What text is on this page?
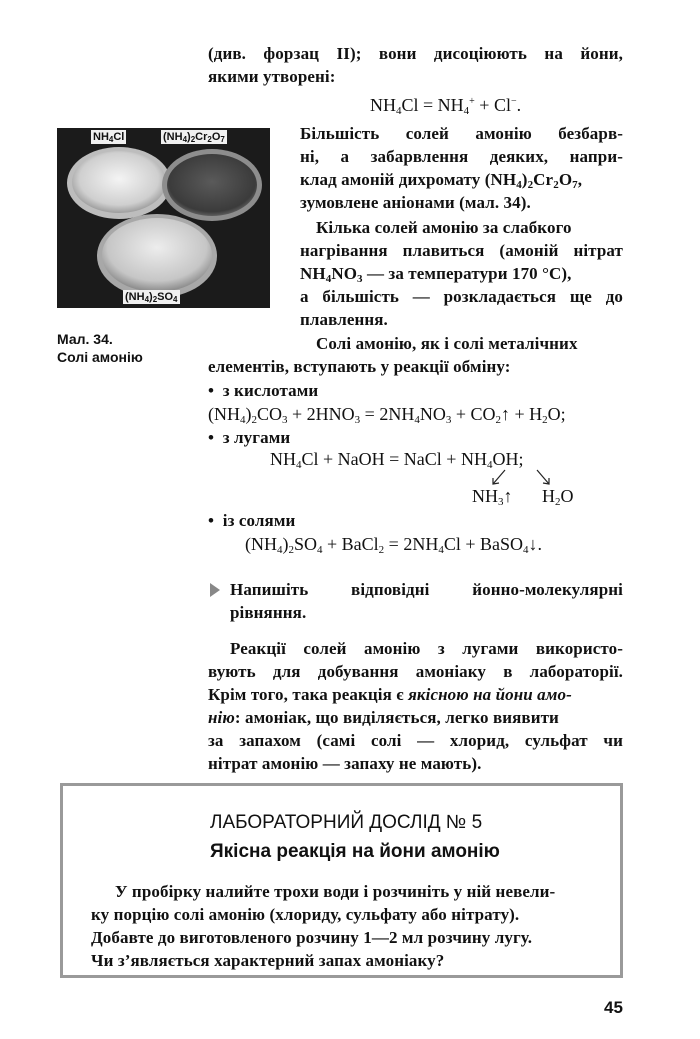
(див. форзац ІІ); вони дисоціюють на йони,
якими утворені:
$NH_4Cl = NH_4^+ + Cl^-$.
$NH_4Cl$	$(NH_4)_2Cr_2O_7$
$(NH_4)_2SO_4$
Мал. 34.
Солі амонію
Більшість солей амонію безбарв-
ні, а забарвлення деяких, напри-
клад амоній дихромату $(NH_4)_2Cr_2O_7$,
зумовлене аніонами (мал. 34).
Кілька солей амонію за слабкого
нагрівання плавиться (амоній нітрат
$NH_4NO_3$ — за температури 170 °C),
а більшість — розкладається ще до
плавлення.
Солі амонію, як і солі металічних
елементів, вступають у реакції обміну:
•  з кислотами
$(NH_4)_2CO_3 + 2HNO_3 = 2NH_4NO_3$ + $CO_2↑ + H_2O$;
•  з лугами
$NH_4Cl$ + NaOH = NaCl + $NH_4OH$;
$NH_3↑$ $H_2O$
•  із солями
$(NH_4)_2SO_4$ + BaCl$_2$ = $2NH_4Cl$ + BaSO$_4$↓.
Напишіть відповідні йонно-молекулярні
рівняння.
Реакції солей амонію з лугами використо-
вують для добування амоніаку в лабораторії.
Крім того, така реакція є якісною на йони амо-
нію: амоніак, що виділяється, легко виявити
за запахом (самі солі — хлорид, сульфат чи
нітрат амонію — запаху не мають).
ЛАБОРАТОРНИЙ ДОСЛІД № 5
Якісна реакція на йони амонію
У пробірку налийте трохи води і розчиніть у ній невели-
ку порцію солі амонію (хлориду, сульфату або нітрату).
Добавте до виготовленого розчину 1—2 мл розчину лугу.
Чи з’являється характерний запах амоніаку?
45
